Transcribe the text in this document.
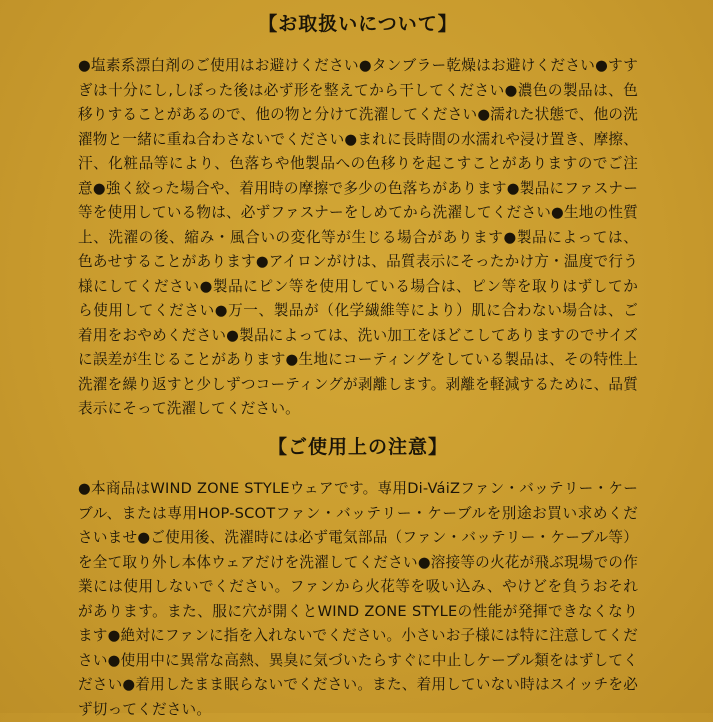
【お取扱いについて】

●塩素系漂白剤のご使用はお避けください●タンブラー乾燥はお避けください●すすぎは十分にし,しぼった後は必ず形を整えてから干してください●濃色の製品は、色移りすることがあるので、他の物と分けて洗濯してください●濡れた状態で、他の洗濯物と一緒に重ね合わさないでください●まれに長時間の水濡れや浸け置き、摩擦、汗、化粧品等により、色落ちや他製品への色移りを起こすことがありますのでご注意●強く絞った場合や、着用時の摩擦で多少の色落ちがあります●製品にファスナー等を使用している物は、必ずファスナーをしめてから洗濯してください●生地の性質上、洗濯の後、縮み・風合いの変化等が生じる場合があります●製品によっては、色あせすることがあります●アイロンがけは、品質表示にそったかけ方・温度で行う様にしてください●製品にピン等を使用している場合は、ピン等を取りはずしてから使用してください●万一、製品が（化学繊維等により）肌に合わない場合は、ご着用をおやめください●製品によっては、洗い加工をほどこしてありますのでサイズに誤差が生じることがあります●生地にコーティングをしている製品は、その特性上洗濯を繰り返すと少しずつコーティングが剥離します。剥離を軽減するために、品質表示にそって洗濯してください。

【ご使用上の注意】

●本商品はWIND ZONE STYLEウェアです。専用Di-VáiZファン・バッテリー・ケーブル、または専用HOP-SCOTファン・バッテリー・ケーブルを別途お買い求めくださいませ●ご使用後、洗濯時には必ず電気部品（ファン・バッテリー・ケーブル等）を全て取り外し本体ウェアだけを洗濯してください●溶接等の火花が飛ぶ現場での作業には使用しないでください。ファンから火花等を吸い込み、やけどを負うおそれがあります。また、服に穴が開くとWIND ZONE STYLEの性能が発揮できなくなります●絶対にファンに指を入れないでください。小さいお子様には特に注意してください●使用中に異常な高熱、異臭に気づいたらすぐに中止しケーブル類をはずしてください●着用したまま眠らないでください。また、着用していない時はスイッチを必ず切ってください。
